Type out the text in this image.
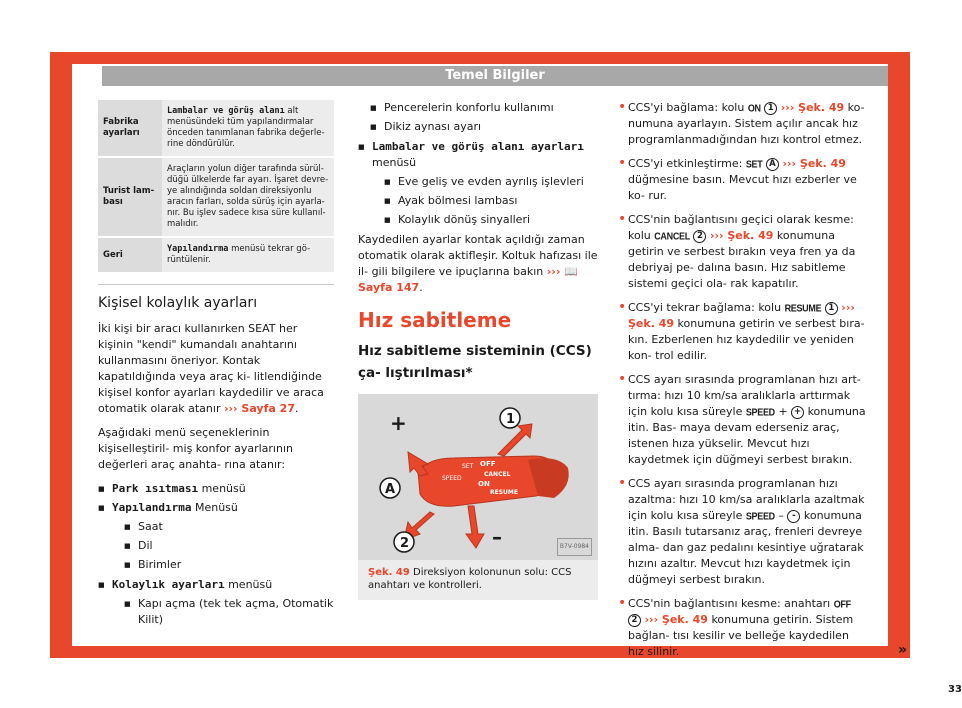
Temel Bilgiler
Fabrika ayarları	Lambalar ve görüş alanı alt menüsündeki tüm yapılandırmalar önceden tanımlanan fabrika değerle- rine döndürülür.
Turist lam- bası	Araçların yolun diğer tarafında sürül- düğü ülkelerde far ayarı. İşaret devre- ye alındığında soldan direksiyonlu aracın farları, solda sürüş için ayarla- nır. Bu işlev sadece kısa süre kullanıl- malıdır.
Geri	Yapılandırma menüsü tekrar gö- rüntülenir.
Kişisel kolaylık ayarları

İki kişi bir aracı kullanırken SEAT her kişinin "kendi" kumandalı anahtarını kullanmasını öneriyor. Kontak kapatıldığında veya araç ki- litlendiğinde kişisel konfor ayarları kaydedilir ve araca otomatik olarak atanır ››› Sayfa 27.

Aşağıdaki menü seçeneklerinin kişiselleştiril- miş konfor ayarlarının değerleri araç anahta- rına atanır:

■ Park ısıtması menüsü
■ Yapılandırma Menüsü
■ Saat
■ Dil
■ Birimler
■ Kolaylık ayarları menüsü
■ Kapı açma (tek tek açma, Otomatik Kilit)
■ Pencerelerin konforlu kullanımı
■ Dikiz aynası ayarı
■ Lambalar ve görüş alanı ayarları
menüsü
■ Eve geliş ve evden ayrılış işlevleri
■ Ayak bölmesi lambası
■ Kolaylık dönüş sinyalleri

Kaydedilen ayarlar kontak açıldığı zaman otomatik olarak aktifleşir. Koltuk hafızası ile il- gili bilgilere ve ipuçlarına bakın ››› 📖 Sayfa 147.

Hız sabitleme
Hız sabitleme sisteminin (CCS) ça- lıştırılması*
+	1
A
2	–
SPEED
SET OFF
CANCEL
ON
RESUME
B7V-0984
Şek. 49 Direksiyon kolonunun solu: CCS anahtarı ve kontrolleri.

• CCS'yi bağlama: kolu ON 1 ››› Şek. 49 ko- numuna ayarlayın. Sistem açılır ancak hız programlanmadığından hızı kontrol etmez.

• CCS'yi etkinleştirme: SET A ››› Şek. 49 düğmesine basın. Mevcut hızı ezberler ve ko- rur.

• CCS'nin bağlantısını geçici olarak kesme: kolu CANCEL 2 ››› Şek. 49 konumuna getirin ve serbest bırakın veya fren ya da debriyaj pe- dalına basın. Hız sabitleme sistemi geçici ola- rak kapatılır.

• CCS'yi tekrar bağlama: kolu RESUME 1 ››› Şek. 49 konumuna getirin ve serbest bıra- kın. Ezberlenen hız kaydedilir ve yeniden kon- trol edilir.

• CCS ayarı sırasında programlanan hızı art- tırma: hızı 10 km/sa aralıklarla arttırmak için kolu kısa süreyle SPEED + + konumuna itin. Bas- maya devam ederseniz araç, istenen hıza yükselir. Mevcut hızı kaydetmek için düğmeyi serbest bırakın.

• CCS ayarı sırasında programlanan hızı azaltma: hızı 10 km/sa aralıklarla azaltmak için kolu kısa süreyle SPEED – - konumuna itin. Basılı tutarsanız araç, frenleri devreye alma- dan gaz pedalını kesintiye uğratarak hızını azaltır. Mevcut hızı kaydetmek için düğmeyi serbest bırakın.

• CCS'nin bağlantısını kesme: anahtarı OFF 2 ››› Şek. 49 konumuna getirin. Sistem bağlan- tısı kesilir ve belleğe kaydedilen hız silinir.	»
33
